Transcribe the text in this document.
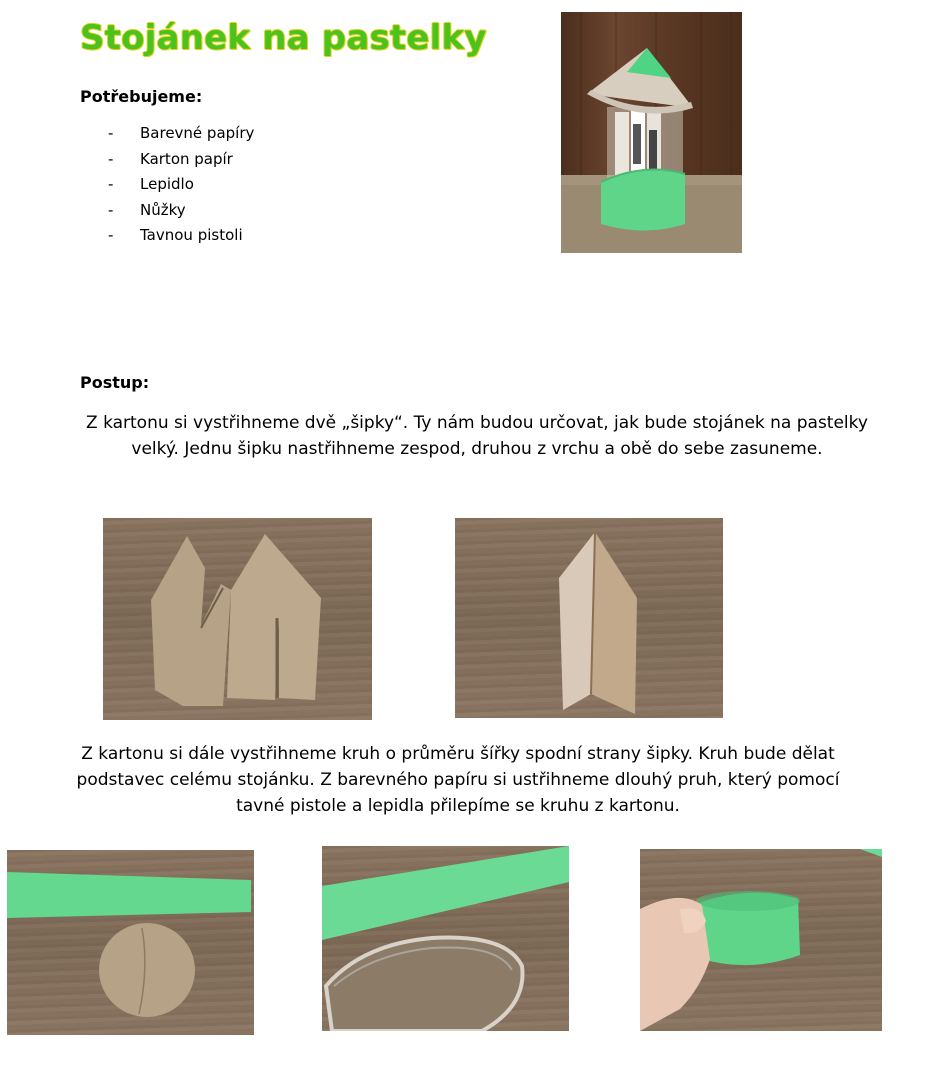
Stojánek na pastelky
Potřebujeme:
-	Barevné papíry
-	Karton papír
-	Lepidlo
-	Nůžky
-	Tavnou pistoli
Postup:
Z kartonu si vystřihneme dvě „šipky“. Ty nám budou určovat, jak bude stojánek na pastelky
velký. Jednu šipku nastřihneme zespod, druhou z vrchu a obě do sebe zasuneme.
Z kartonu si dále vystřihneme kruh o průměru šířky spodní strany šipky. Kruh bude dělat
podstavec celému stojánku. Z barevného papíru si ustřihneme dlouhý pruh, který pomocí
tavné pistole a lepidla přilepíme se kruhu z kartonu.
